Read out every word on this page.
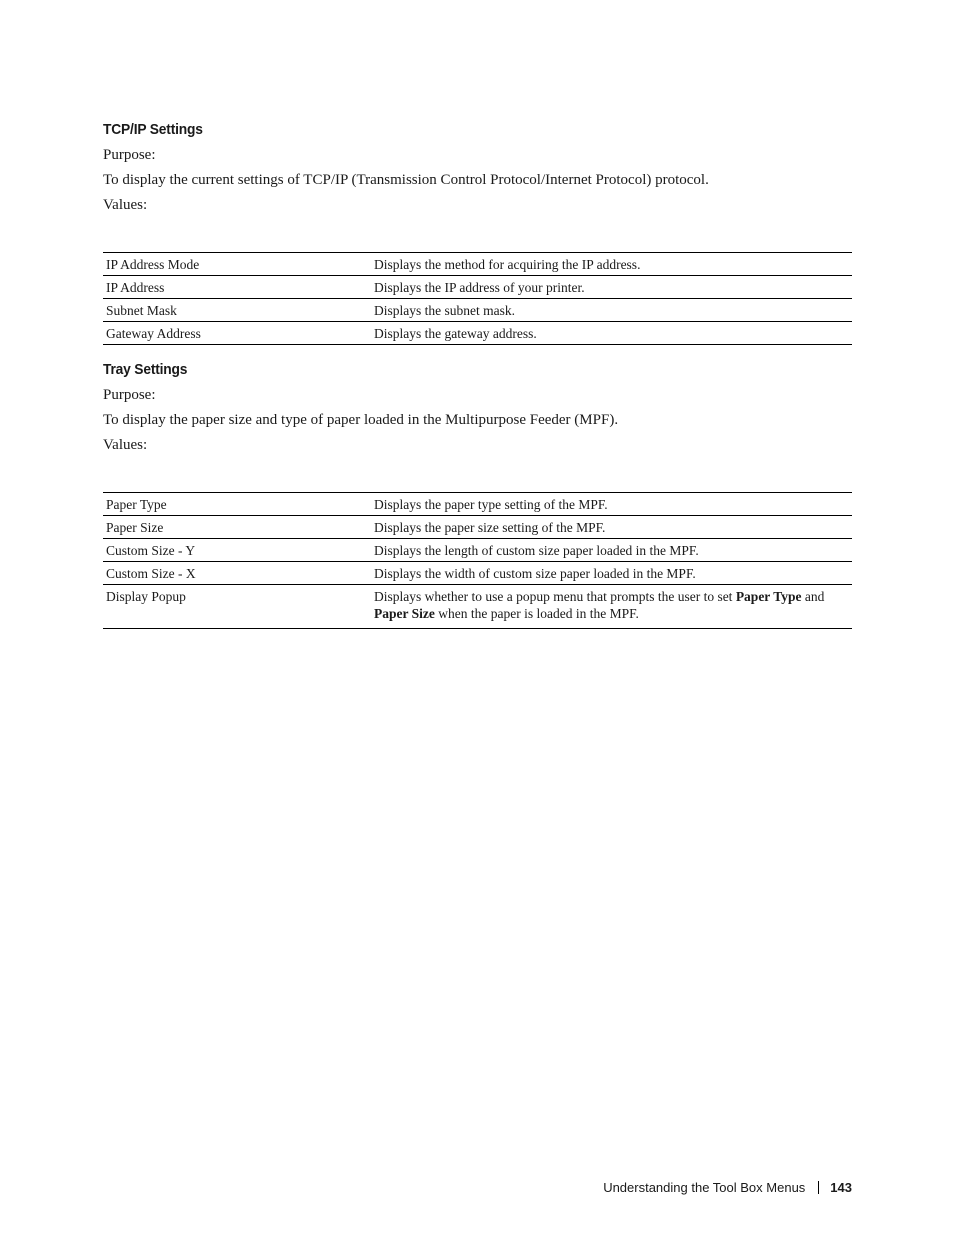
TCP/IP Settings

Purpose:

To display the current settings of TCP/IP (Transmission Control Protocol/Internet Protocol) protocol.

Values:

IP Address Mode	Displays the method for acquiring the IP address.
IP Address	Displays the IP address of your printer.
Subnet Mask	Displays the subnet mask.
Gateway Address	Displays the gateway address.
Tray Settings

Purpose:

To display the paper size and type of paper loaded in the Multipurpose Feeder (MPF).

Values:

Paper Type	Displays the paper type setting of the MPF.
Paper Size	Displays the paper size setting of the MPF.
Custom Size - Y	Displays the length of custom size paper loaded in the MPF.
Custom Size - X	Displays the width of custom size paper loaded in the MPF.
Display Popup	Displays whether to use a popup menu that prompts the user to set Paper Type and Paper Size when the paper is loaded in the MPF.
Understanding the Tool Box Menus 143
